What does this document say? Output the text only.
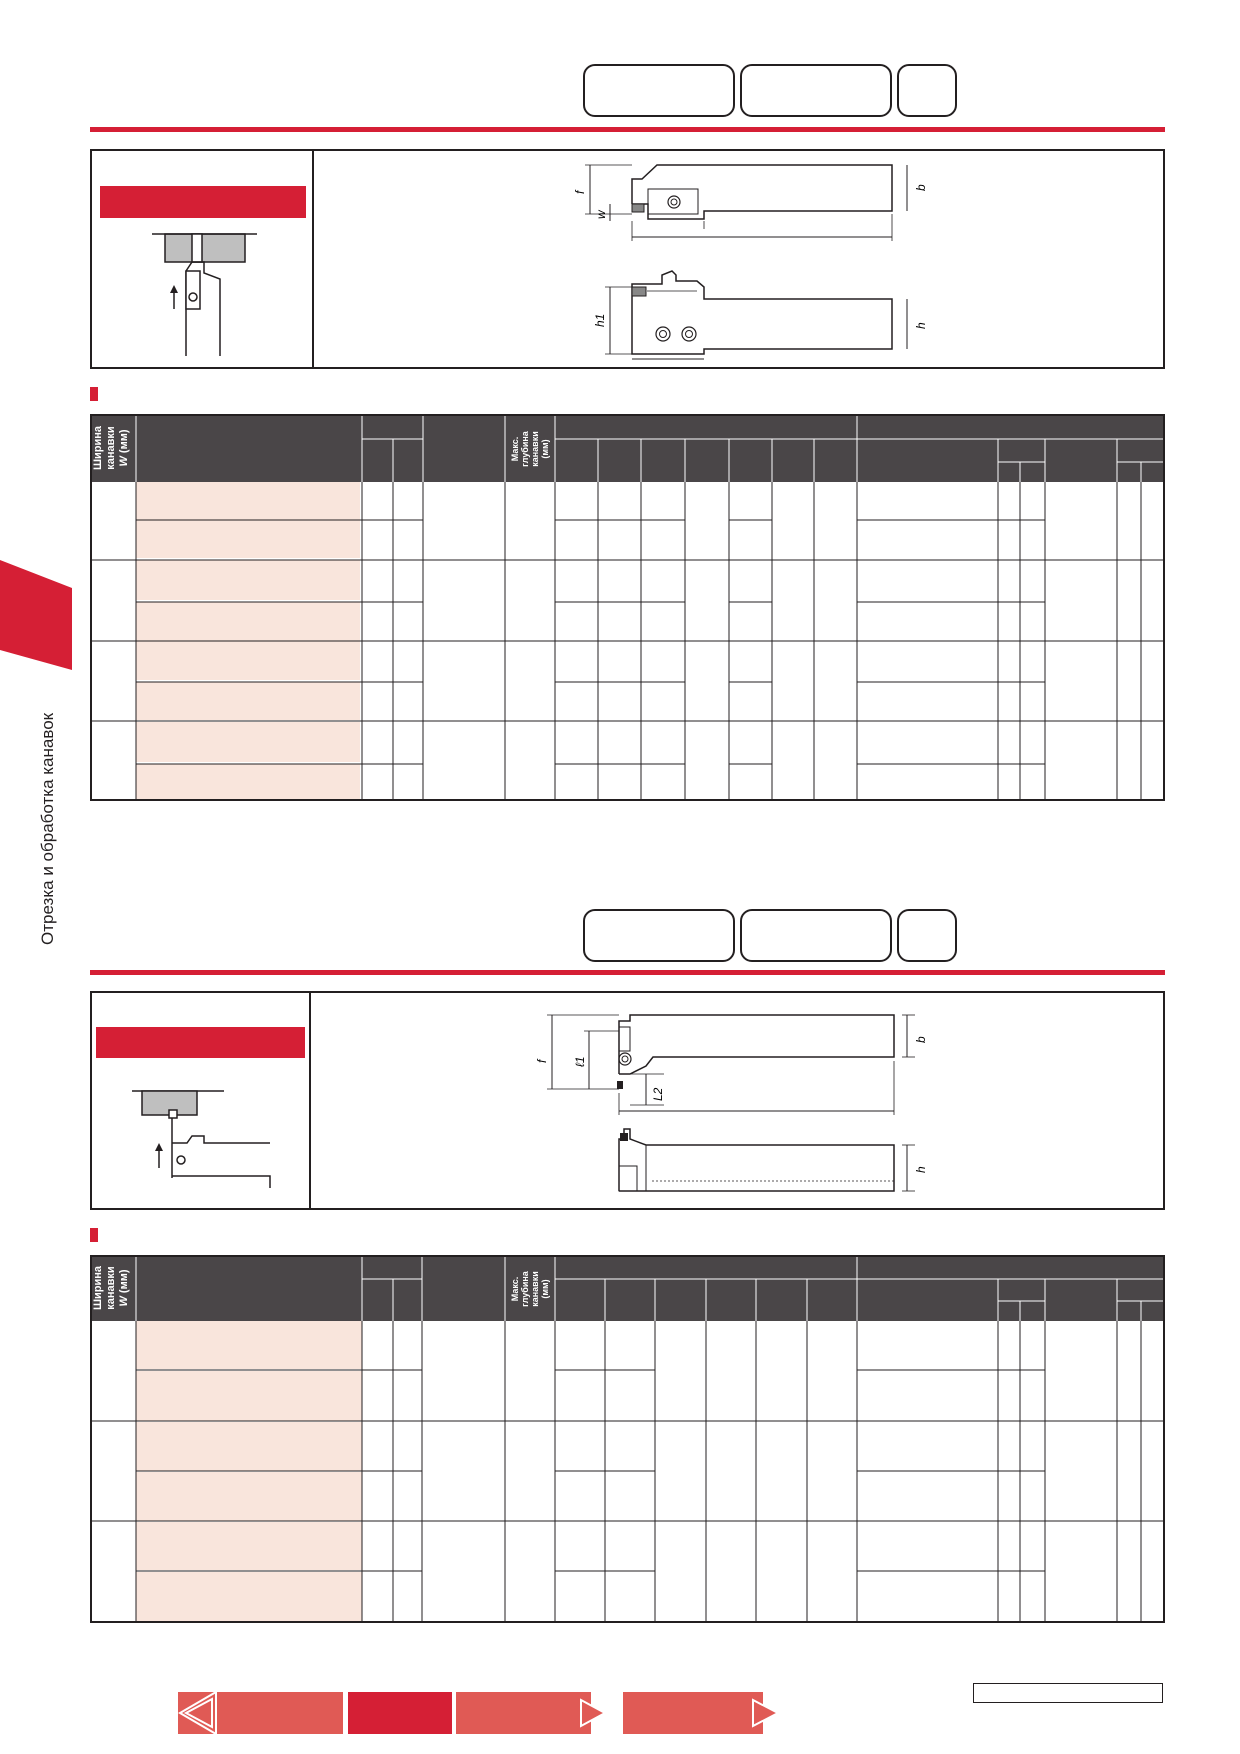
Отрезка и обработка канавок
f
w
b
h1	h
Ширина канавки W (мм)	Макс. глубина канавки (мм)
f ℓ1
L2
b
h
Ширина канавки W (мм)	Макс. глубина канавки (мм)
